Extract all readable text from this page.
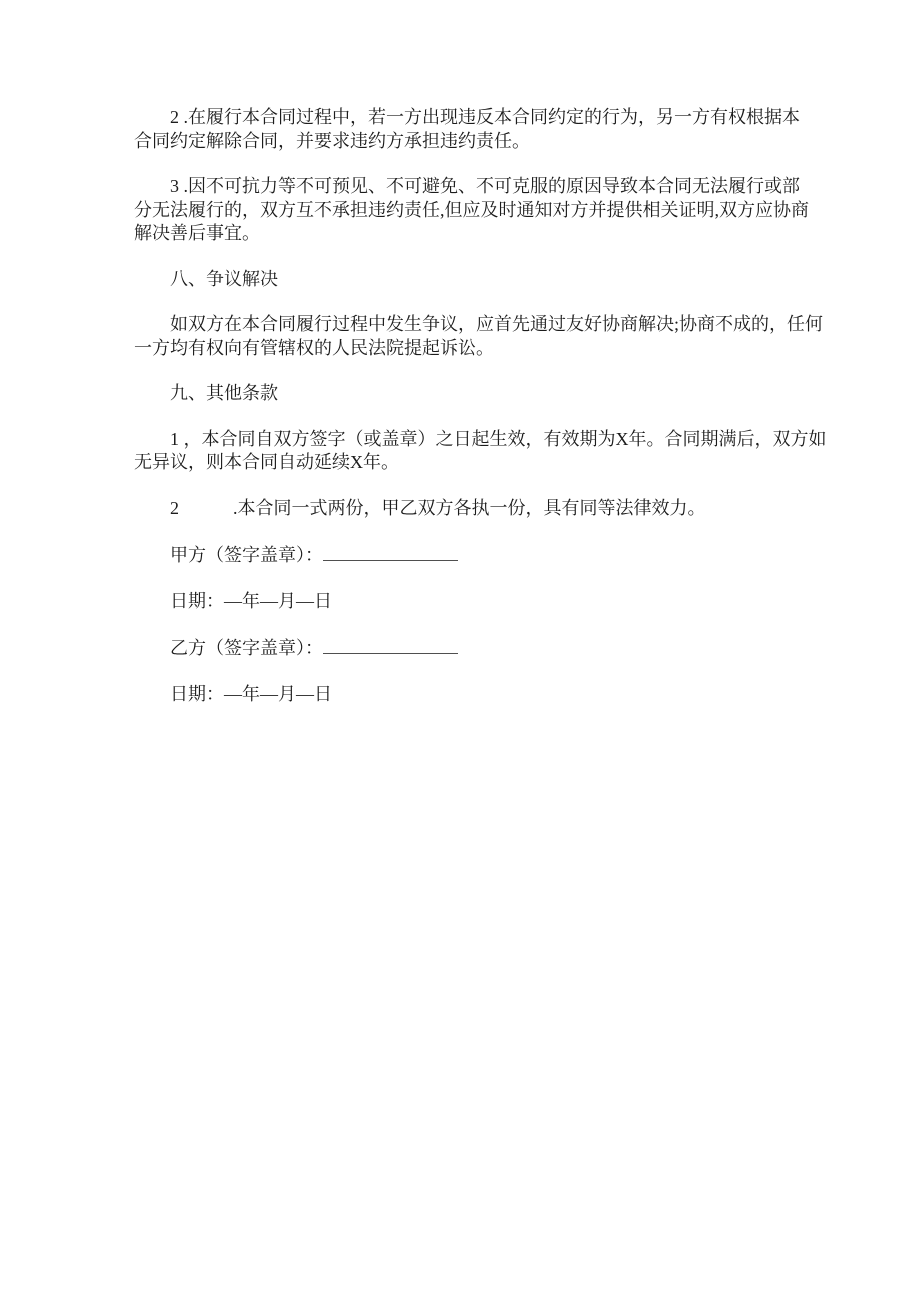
2 .在履行本合同过程中，若一方出现违反本合同约定的行为，另一方有权根据本
合同约定解除合同，并要求违约方承担违约责任。
3 .因不可抗力等不可预见、不可避免、不可克服的原因导致本合同无法履行或部
分无法履行的，双方互不承担违约责任,但应及时通知对方并提供相关证明,双方应协商
解决善后事宜。
八、争议解决
如双方在本合同履行过程中发生争议，应首先通过友好协商解决;协商不成的，任何
一方均有权向有管辖权的人民法院提起诉讼。
九、其他条款
1 ，本合同自双方签字（或盖章）之日起生效，有效期为X年。合同期满后，双方如
无异议，则本合同自动延续X年。
2　　　.本合同一式两份，甲乙双方各执一份，具有同等法律效力。
甲方（签字盖章）：
日期：—年—月—日
乙方（签字盖章）：
日期：—年—月—日
